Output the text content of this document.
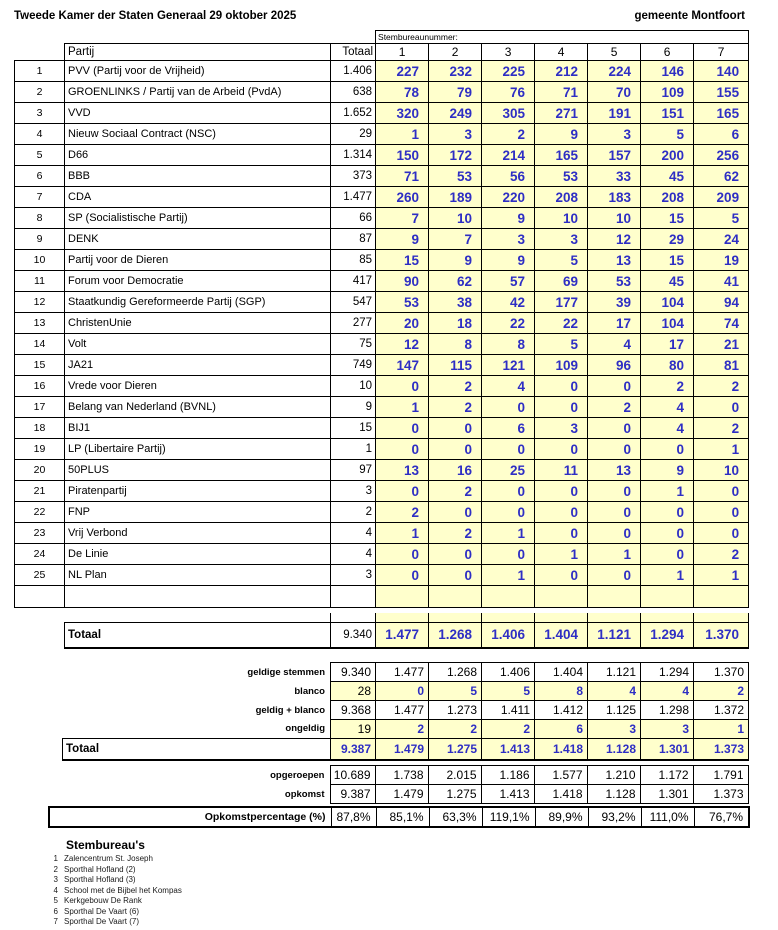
Tweede Kamer der Staten Generaal 29 oktober 2025	gemeente Montfoort
			Stembureaunummer:						
	Partij	Totaal	1	2	3	4	5	6	7
1	PVV (Partij voor de Vrijheid)	1.406	227	232	225	212	224	146	140
2	GROENLINKS / Partij van de Arbeid (PvdA)	638	78	79	76	71	70	109	155
3	VVD	1.652	320	249	305	271	191	151	165
4	Nieuw Sociaal Contract (NSC)	29	1	3	2	9	3	5	6
5	D66	1.314	150	172	214	165	157	200	256
6	BBB	373	71	53	56	53	33	45	62
7	CDA	1.477	260	189	220	208	183	208	209
8	SP (Socialistische Partij)	66	7	10	9	10	10	15	5
9	DENK	87	9	7	3	3	12	29	24
10	Partij voor de Dieren	85	15	9	9	5	13	15	19
11	Forum voor Democratie	417	90	62	57	69	53	45	41
12	Staatkundig Gereformeerde Partij (SGP)	547	53	38	42	177	39	104	94
13	ChristenUnie	277	20	18	22	22	17	104	74
14	Volt	75	12	8	8	5	4	17	21
15	JA21	749	147	115	121	109	96	80	81
16	Vrede voor Dieren	10	0	2	4	0	0	2	2
17	Belang van Nederland (BVNL)	9	1	2	0	0	2	4	0
18	BIJ1	15	0	0	6	3	0	4	2
19	LP (Libertaire Partij)	1	0	0	0	0	0	0	1
20	50PLUS	97	13	16	25	11	13	9	10
21	Piratenpartij	3	0	2	0	0	0	1	0
22	FNP	2	2	0	0	0	0	0	0
23	Vrij Verbond	4	1	2	1	0	0	0	0
24	De Linie	4	0	0	0	1	1	0	2
25	NL Plan	3	0	0	1	0	0	1	1

Totaal	9.340	1.477	1.268	1.406	1.404	1.121	1.294	1.370
geldige stemmen	9.340	1.477	1.268	1.406	1.404	1.121	1.294	1.370
blanco	28	0	5	5	8	4	4	2
geldig + blanco	9.368	1.477	1.273	1.411	1.412	1.125	1.298	1.372
ongeldig	19	2	2	2	6	3	3	1
Totaal	9.387	1.479	1.275	1.413	1.418	1.128	1.301	1.373
opgeroepen	10.689	1.738	2.015	1.186	1.577	1.210	1.172	1.791
opkomst	9.387	1.479	1.275	1.413	1.418	1.128	1.301	1.373
Opkomstpercentage (%)	87,8%	85,1%	63,3%	119,1%	89,9%	93,2%	111,0%	76,7%
Stembureau's
1 Zalencentrum St. Joseph
2 Sporthal Hofland (2)
3 Sporthal Hofland (3)
4 School met de Bijbel het Kompas
5 Kerkgebouw De Rank
6 Sporthal De Vaart (6)
7 Sporthal De Vaart (7)
